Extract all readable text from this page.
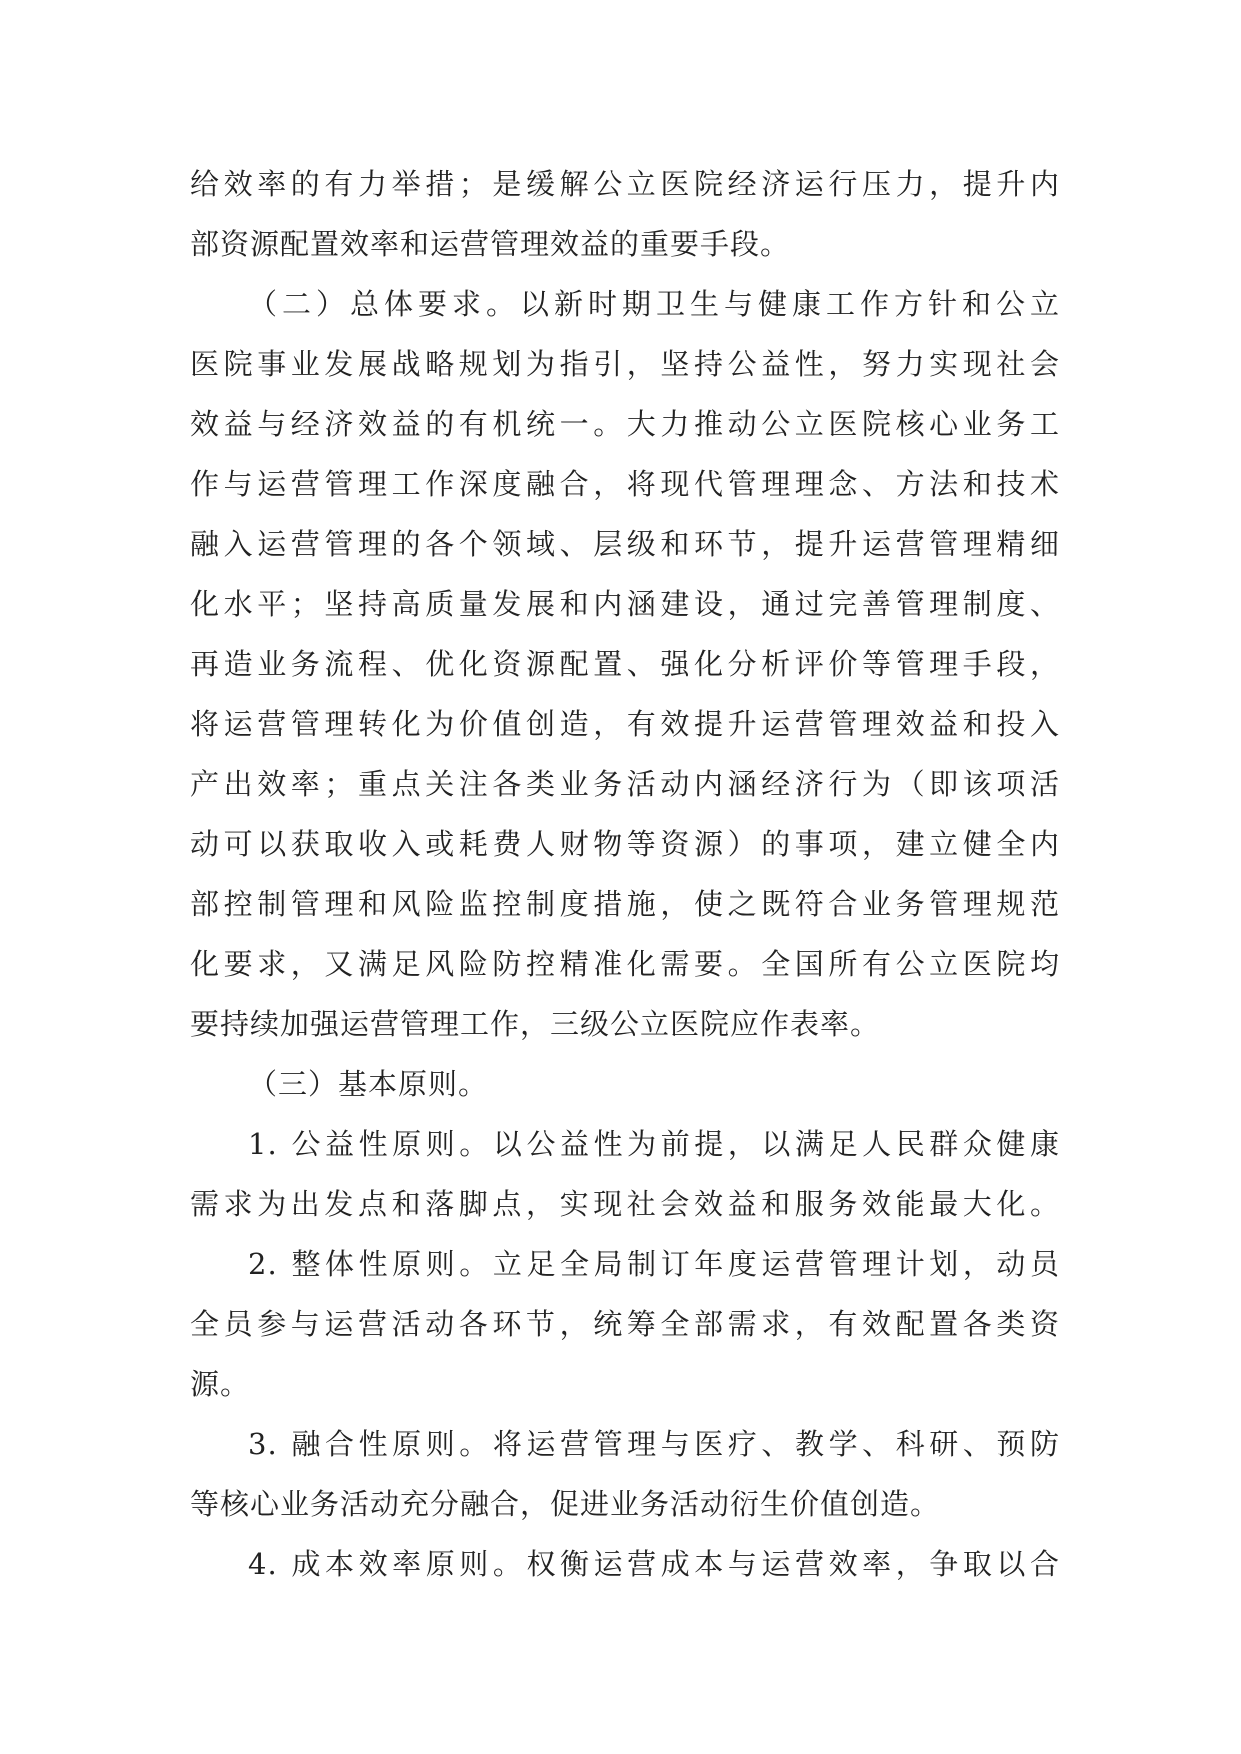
给效率的有力举措；是缓解公立医院经济运行压力，提升内
部资源配置效率和运营管理效益的重要手段。
（二）总体要求。以新时期卫生与健康工作方针和公立
医院事业发展战略规划为指引，坚持公益性，努力实现社会
效益与经济效益的有机统一。大力推动公立医院核心业务工
作与运营管理工作深度融合，将现代管理理念、方法和技术
融入运营管理的各个领域、层级和环节，提升运营管理精细
化水平；坚持高质量发展和内涵建设，通过完善管理制度、
再造业务流程、优化资源配置、强化分析评价等管理手段，
将运营管理转化为价值创造，有效提升运营管理效益和投入
产出效率；重点关注各类业务活动内涵经济行为（即该项活
动可以获取收入或耗费人财物等资源）的事项，建立健全内
部控制管理和风险监控制度措施，使之既符合业务管理规范
化要求，又满足风险防控精准化需要。全国所有公立医院均
要持续加强运营管理工作，三级公立医院应作表率。
（三）基本原则。
1. 公益性原则。以公益性为前提，以满足人民群众健康
需求为出发点和落脚点，实现社会效益和服务效能最大化。
2. 整体性原则。立足全局制订年度运营管理计划，动员
全员参与运营活动各环节，统筹全部需求，有效配置各类资
源。
3. 融合性原则。将运营管理与医疗、教学、科研、预防
等核心业务活动充分融合，促进业务活动衍生价值创造。
4. 成本效率原则。权衡运营成本与运营效率，争取以合
